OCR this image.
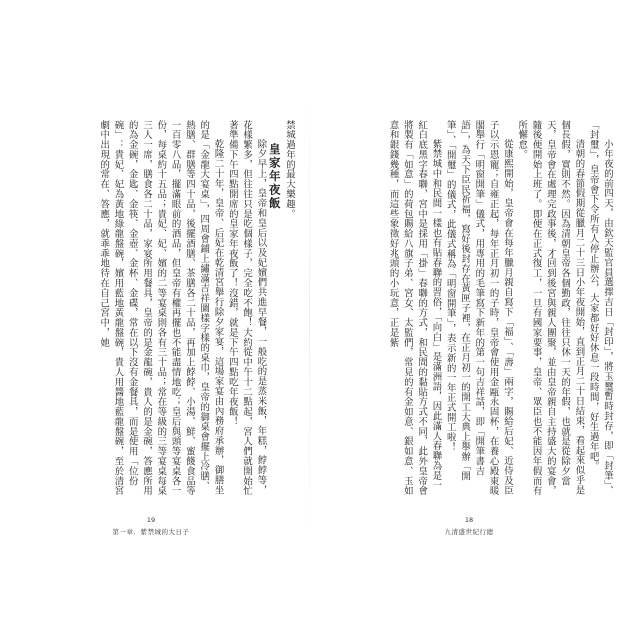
小年夜的前四天，由欽天監官員選擇吉日「封印」，將玉璽暫時封存，即「封筆」、「封璽」，皇帝會下令所有人停止辦公，大家都好好休息一段時間，好生過年吧。

清朝的春節假期從臘月二十三日小年夜開始，直到正月二十日結束，看起來似乎是個長假，實則不然。因為清朝皇帝各個勤政，往往只休一天的年假，也就是從除夕當天，皇帝會在處理完政事後，才回到後宮與親人團聚，並由皇帝親自主持盛大的宴會，隨後便開始上班了。即便在正式復工，一旦有國家要事，皇帝、眾臣也不能因年假而有所懈怠。

從康熙開始，皇帝會在每年臘月親自寫下「福」、「壽」兩字，賜給后妃、近侍及臣子以示恩寵；自雍正起，每年正月初一的子時，皇帝會使用金甌永固杯，在養心殿東暖閣舉行「明窗開筆」儀式，用專用的毛筆寫下新年的第一句吉祥話，即「開筆書吉語」，為天下臣民祈福，寫好後封存在黃匣子裡，在正月初一的開工大典上舉辦「開筆」、「開璽」的儀式，此儀式稱為「明窗開筆」，表示新的一年正式開工啦！

紫禁城中和民間一樣也有貼春聯的習俗，「向白」是滿洲語，因此滿人春聯為是一紅白底黑字春聯，宮中是採用「掛」春聯的方式，和民間的黏貼方式不同，此外皇帝會將製有「如意」的荷包賜給八旗子弟、宮女、太監們，常見的有金如意、銀如意、玉如意和銀錢幾種，而這些象徵好兆頭的小玩意，正是紫

禁城過年的最大樂趣。

皇家年夜飯

除夕早上，皇帝和皇后以及妃嬪們共進早餐，一般吃的是蒸米飯，年糕，餑餑等，花樣繁多，但往往只是吃個樣子，完全吃不飽！大約從中午十二點起，宮人們就開始忙著準備下午四點開席的皇家年夜飯了！沒錯，就是下午四點吃年夜飯！

乾隆二十年，皇帝、后妃在乾清宮舉行除夕家宴，這場家宴由內務府承辦，御膳坐的是「金龍大宴桌」，四周會鋪上繡滿吉祥圖樣字樣的桌巾，皇帝的御桌會擺上冷膳、熱膳、群膳等四十品，後擺酒膳、茶膳各二十品，再加上餑餑、小湯、鮮、蜜餞食品等一百零八品，擺滿眼前的酒品，但皇帝有權再擺也不能盡情地吃；皇后與頭等宴桌各一份，每桌約十五品；貴妃、妃、嬪的二等宴桌則各有三十品；常在等級的三等宴桌每桌三人一席，膳食各二十品，家宴所用餐具，皇帝的是金龍碗，貴人的是金碗，答應所用的為金碗，金匙、金筷、金壺、金杯、金碟，常在以下沒有金餐具，而是使用「位份碗」：貴妃、妃為黃地綠龍盤碗，嬪用藍地黃龍盤碗，貴人用醬地藍龍盤碗，至於清宮劇中出現的常在、答應，就乖乖地待在自己宮中，她

19
第一章．紫禁城的大日子
18
九清盛世紀行總
